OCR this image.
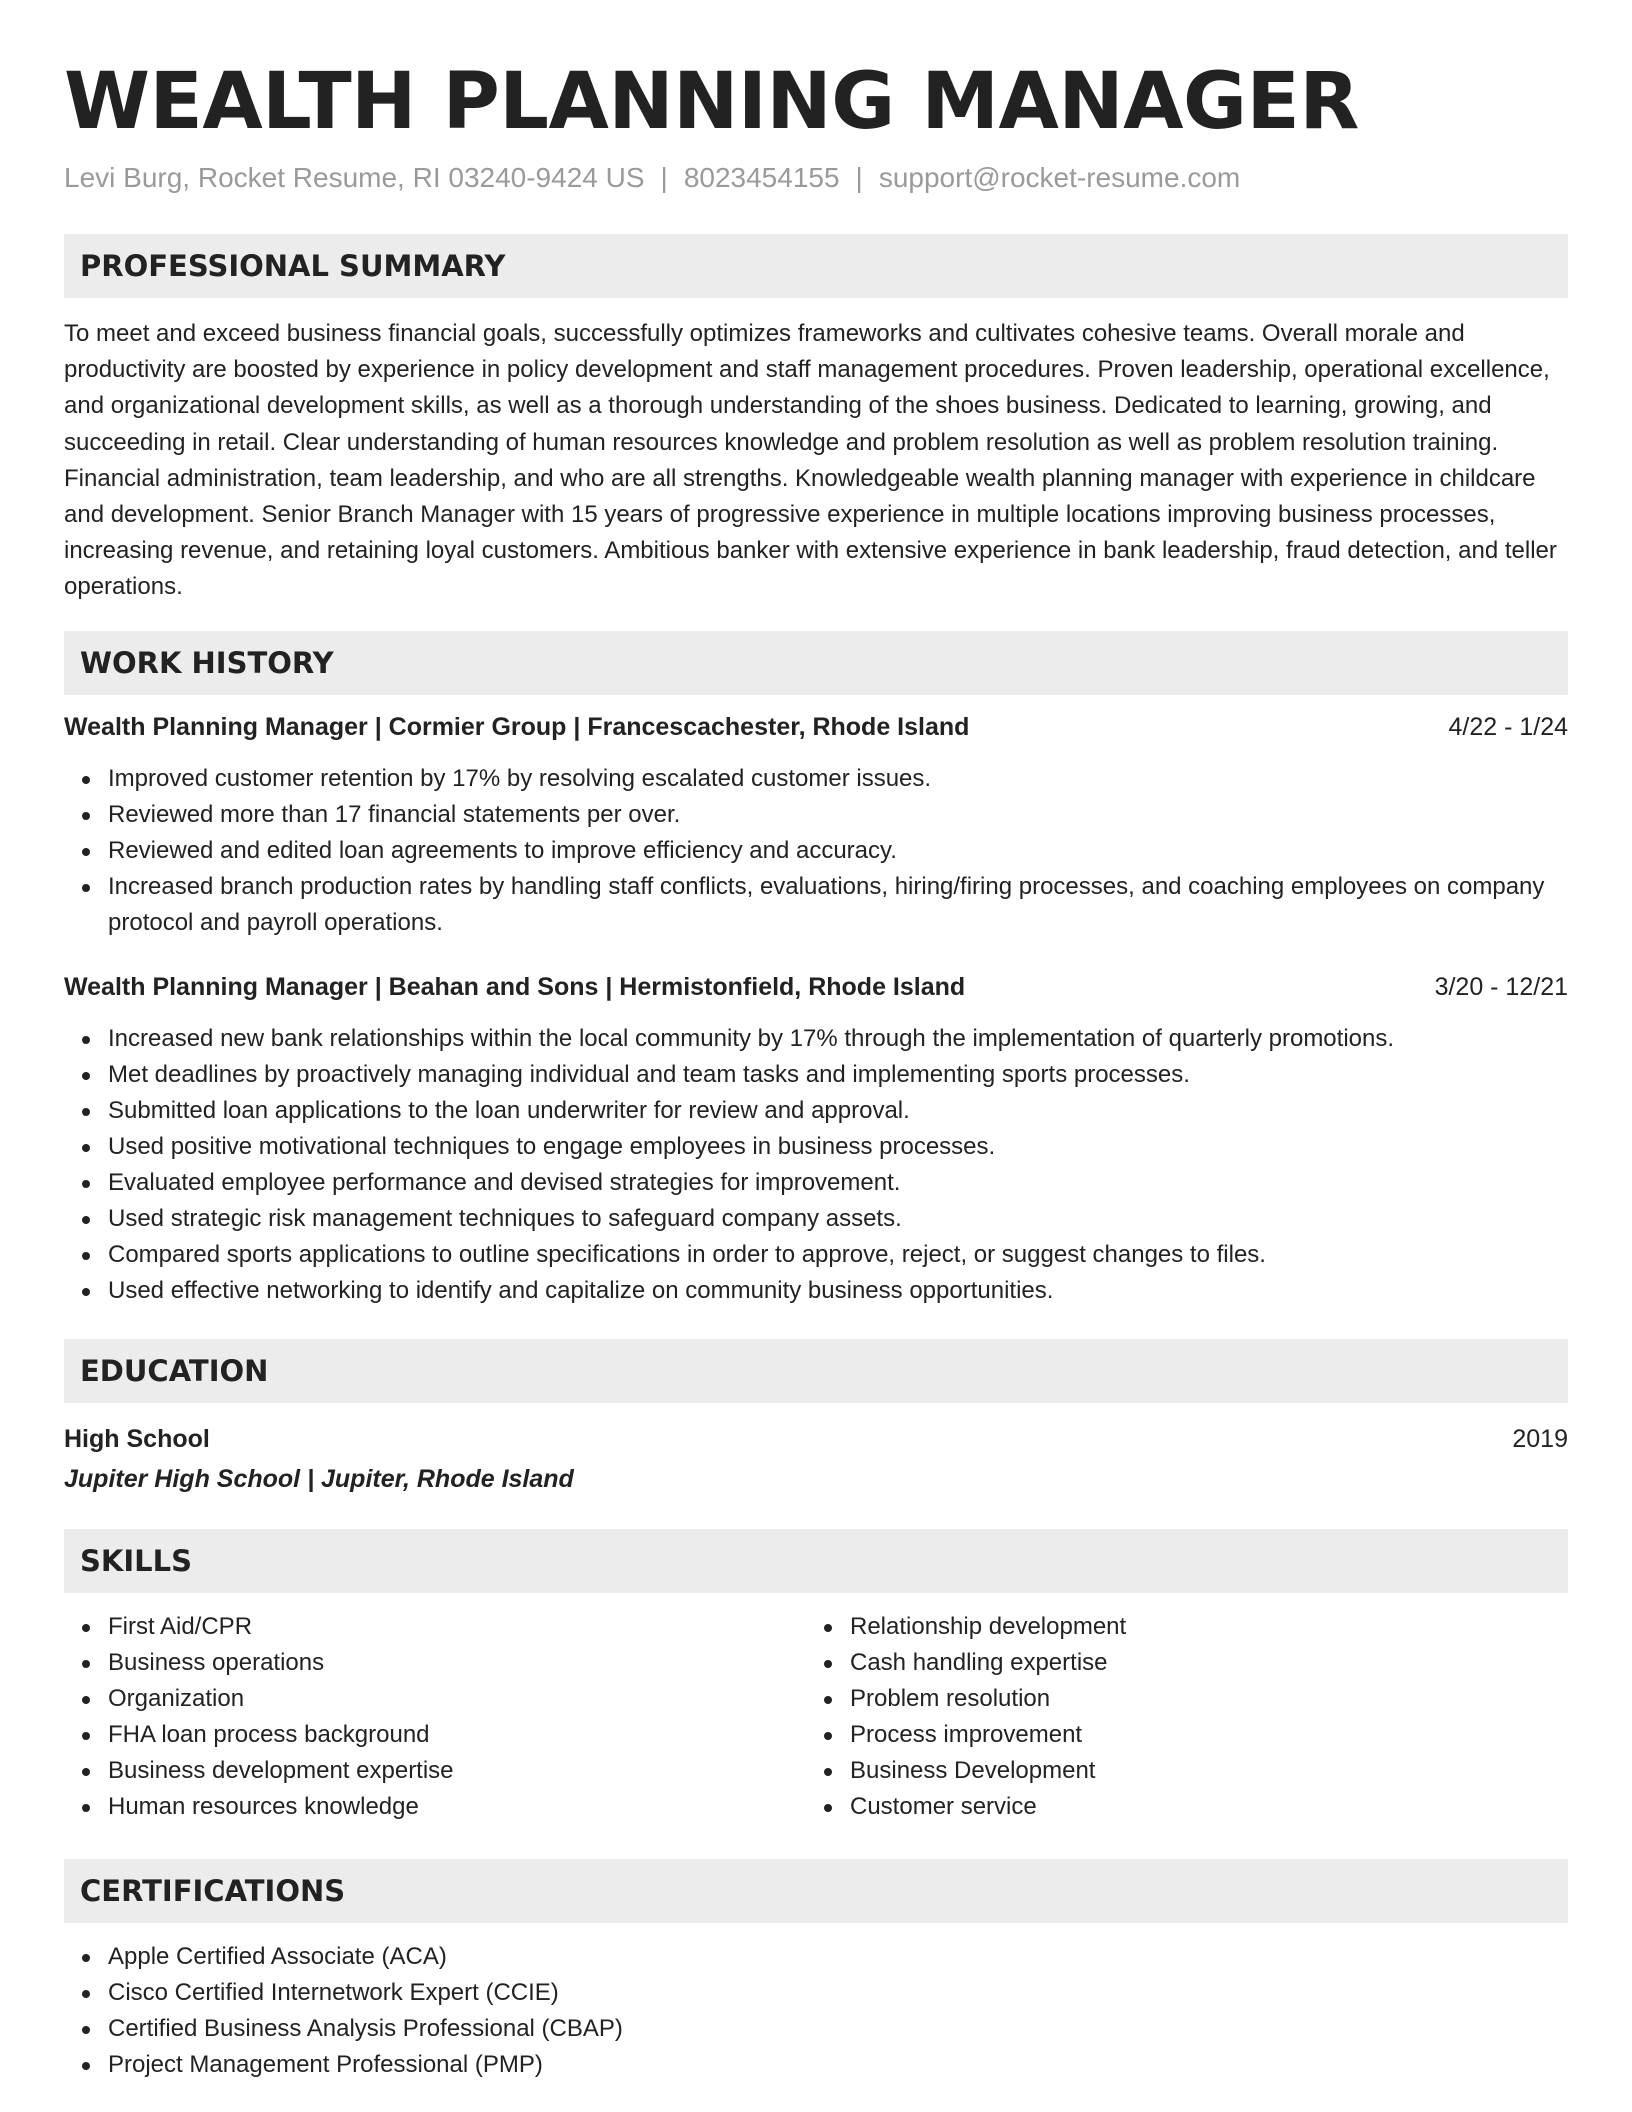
WEALTH PLANNING MANAGER
Levi Burg, Rocket Resume, RI 03240-9424 US | 8023454155 | support@rocket-resume.com
PROFESSIONAL SUMMARY
To meet and exceed business financial goals, successfully optimizes frameworks and cultivates cohesive teams. Overall morale and productivity are boosted by experience in policy development and staff management procedures. Proven leadership, operational excellence, and organizational development skills, as well as a thorough understanding of the shoes business. Dedicated to learning, growing, and succeeding in retail. Clear understanding of human resources knowledge and problem resolution as well as problem resolution training. Financial administration, team leadership, and who are all strengths. Knowledgeable wealth planning manager with experience in childcare and development. Senior Branch Manager with 15 years of progressive experience in multiple locations improving business processes, increasing revenue, and retaining loyal customers. Ambitious banker with extensive experience in bank leadership, fraud detection, and teller operations.
WORK HISTORY
Wealth Planning Manager | Cormier Group | Francescachester, Rhode Island	4/22 - 1/24
Improved customer retention by 17% by resolving escalated customer issues.
Reviewed more than 17 financial statements per over.
Reviewed and edited loan agreements to improve efficiency and accuracy.
Increased branch production rates by handling staff conflicts, evaluations, hiring/firing processes, and coaching employees on company protocol and payroll operations.
Wealth Planning Manager | Beahan and Sons | Hermistonfield, Rhode Island	3/20 - 12/21
Increased new bank relationships within the local community by 17% through the implementation of quarterly promotions.
Met deadlines by proactively managing individual and team tasks and implementing sports processes.
Submitted loan applications to the loan underwriter for review and approval.
Used positive motivational techniques to engage employees in business processes.
Evaluated employee performance and devised strategies for improvement.
Used strategic risk management techniques to safeguard company assets.
Compared sports applications to outline specifications in order to approve, reject, or suggest changes to files.
Used effective networking to identify and capitalize on community business opportunities.
EDUCATION
High School	2019
Jupiter High School | Jupiter, Rhode Island
SKILLS
First Aid/CPR
Business operations
Organization
FHA loan process background
Business development expertise
Human resources knowledge
Relationship development
Cash handling expertise
Problem resolution
Process improvement
Business Development
Customer service
CERTIFICATIONS
Apple Certified Associate (ACA)
Cisco Certified Internetwork Expert (CCIE)
Certified Business Analysis Professional (CBAP)
Project Management Professional (PMP)
